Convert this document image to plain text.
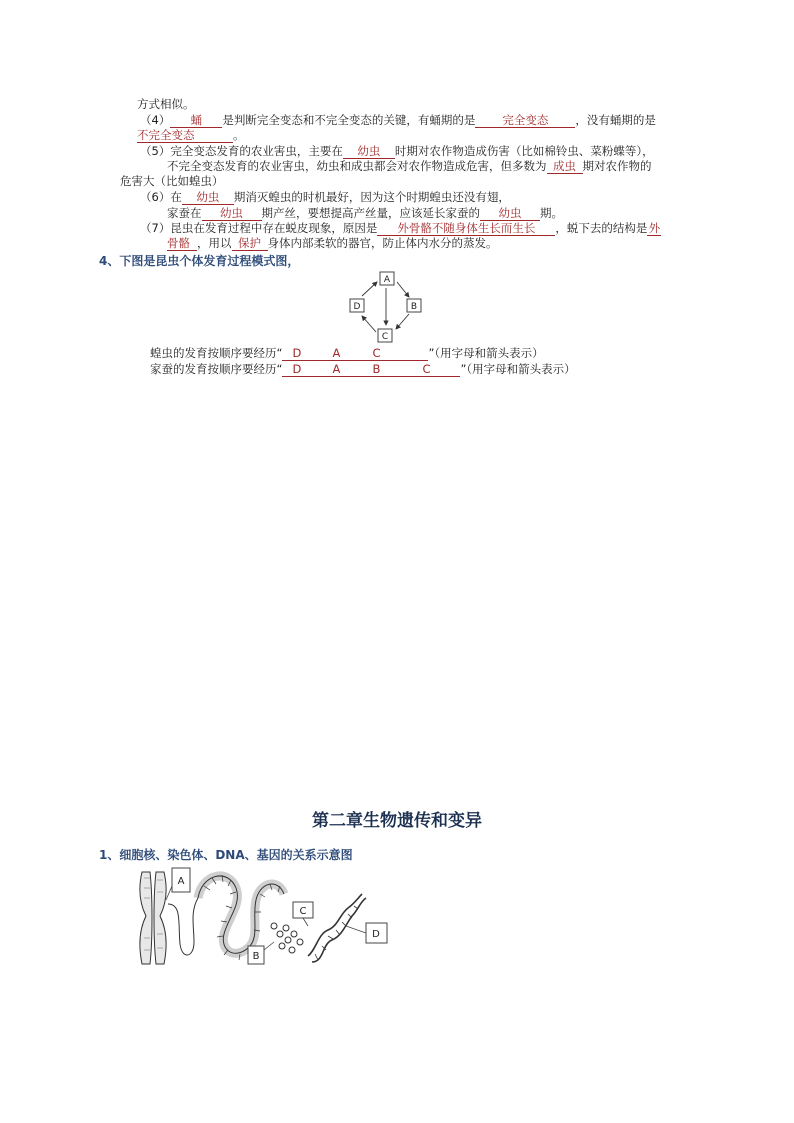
方式相似。
（4） 蛹 是判断完全变态和不完全变态的关键，有蛹期的是 完全变态 ，没有蛹期的是
不完全变态	。
（5）完全变态发育的农业害虫，主要在 幼虫 时期对农作物造成伤害（比如棉铃虫、菜粉蝶等），
不完全变态发育的农业害虫，幼虫和成虫都会对农作物造成危害，但多数为 成虫 期对农作物的
危害大（比如蝗虫）
（6）在 幼虫 期消灭蝗虫的时机最好，因为这个时期蝗虫还没有翅，
家蚕在 幼虫 期产丝，要想提高产丝量，应该延长家蚕的 幼虫 期。
（7）昆虫在发育过程中存在蜕皮现象，原因是 外骨骼不随身体生长而生长 ，蜕下去的结构是外
骨骼 ，用以 保护 身体内部柔软的器官，防止体内水分的蒸发。
4、下图是昆虫个体发育过程模式图，
A
B
C
D
蝗虫的发育按顺序要经历“ D	A	C	”（用字母和箭头表示）
家蚕的发育按顺序要经历“ D	A	B	C	”（用字母和箭头表示）
第二章生物遗传和变异
1、细胞核、染色体、DNA、基因的关系示意图
A
C
D
B
